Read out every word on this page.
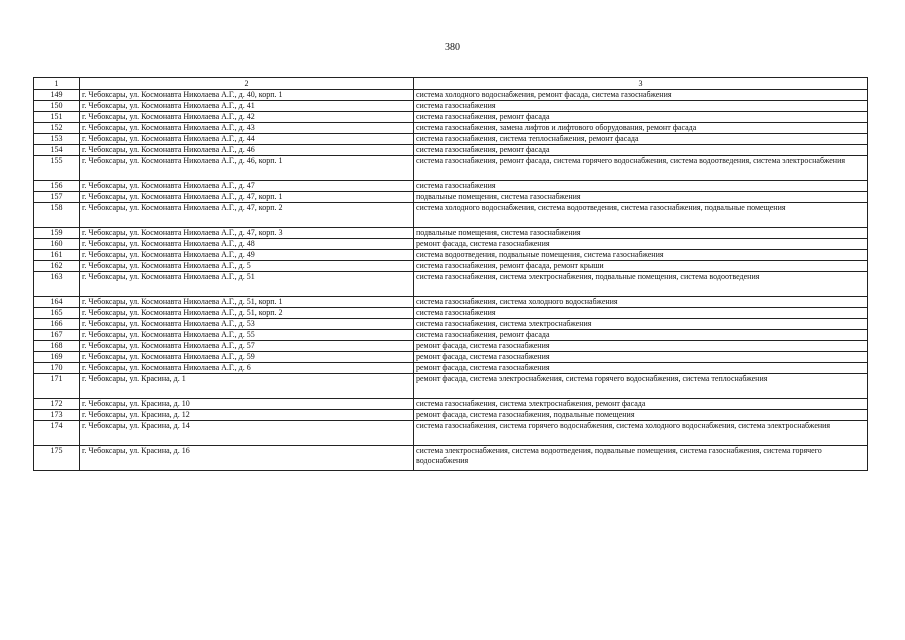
380
1	2	3
149	г. Чебоксары, ул. Космонавта Николаева А.Г., д. 40, корп. 1	система холодного водоснабжения, ремонт фасада, система газоснабжения
150	г. Чебоксары, ул. Космонавта Николаева А.Г., д. 41	система газоснабжения
151	г. Чебоксары, ул. Космонавта Николаева А.Г., д. 42	система газоснабжения, ремонт фасада
152	г. Чебоксары, ул. Космонавта Николаева А.Г., д. 43	система газоснабжения, замена лифтов и лифтового оборудования, ремонт фасада
153	г. Чебоксары, ул. Космонавта Николаева А.Г., д. 44	система газоснабжения, система теплоснабжения, ремонт фасада
154	г. Чебоксары, ул. Космонавта Николаева А.Г., д. 46	система газоснабжения, ремонт фасада
155	г. Чебоксары, ул. Космонавта Николаева А.Г., д. 46, корп. 1	система газоснабжения, ремонт фасада, система горячего водоснабжения, система водоотведения, система электроснабжения
156	г. Чебоксары, ул. Космонавта Николаева А.Г., д. 47	система газоснабжения
157	г. Чебоксары, ул. Космонавта Николаева А.Г., д. 47, корп. 1	подвальные помещения, система газоснабжения
158	г. Чебоксары, ул. Космонавта Николаева А.Г., д. 47, корп. 2	система холодного водоснабжения, система водоотведения, система газоснабжения, подвальные помещения
159	г. Чебоксары, ул. Космонавта Николаева А.Г., д. 47, корп. 3	подвальные помещения, система газоснабжения
160	г. Чебоксары, ул. Космонавта Николаева А.Г., д. 48	ремонт фасада, система газоснабжения
161	г. Чебоксары, ул. Космонавта Николаева А.Г., д. 49	система водоотведения, подвальные помещения, система газоснабжения
162	г. Чебоксары, ул. Космонавта Николаева А.Г., д. 5	система газоснабжения, ремонт фасада, ремонт крыши
163	г. Чебоксары, ул. Космонавта Николаева А.Г., д. 51	система газоснабжения, система электроснабжения, подвальные помещения, система водоотведения
164	г. Чебоксары, ул. Космонавта Николаева А.Г., д. 51, корп. 1	система газоснабжения, система холодного водоснабжения
165	г. Чебоксары, ул. Космонавта Николаева А.Г., д. 51, корп. 2	система газоснабжения
166	г. Чебоксары, ул. Космонавта Николаева А.Г., д. 53	система газоснабжения, система электроснабжения
167	г. Чебоксары, ул. Космонавта Николаева А.Г., д. 55	система газоснабжения, ремонт фасада
168	г. Чебоксары, ул. Космонавта Николаева А.Г., д. 57	ремонт фасада, система газоснабжения
169	г. Чебоксары, ул. Космонавта Николаева А.Г., д. 59	ремонт фасада, система газоснабжения
170	г. Чебоксары, ул. Космонавта Николаева А.Г., д. 6	ремонт фасада, система газоснабжения
171	г. Чебоксары, ул. Красина, д. 1	ремонт фасада, система электроснабжения, система горячего водоснабжения, система теплоснабжения
172	г. Чебоксары, ул. Красина, д. 10	система газоснабжения, система электроснабжения, ремонт фасада
173	г. Чебоксары, ул. Красина, д. 12	ремонт фасада, система газоснабжения, подвальные помещения
174	г. Чебоксары, ул. Красина, д. 14	система газоснабжения, система горячего водоснабжения, система холодного водоснабжения, система электроснабжения
175	г. Чебоксары, ул. Красина, д. 16	система электроснабжения, система водоотведения, подвальные помещения, система газоснабжения, система горячего водоснабжения
